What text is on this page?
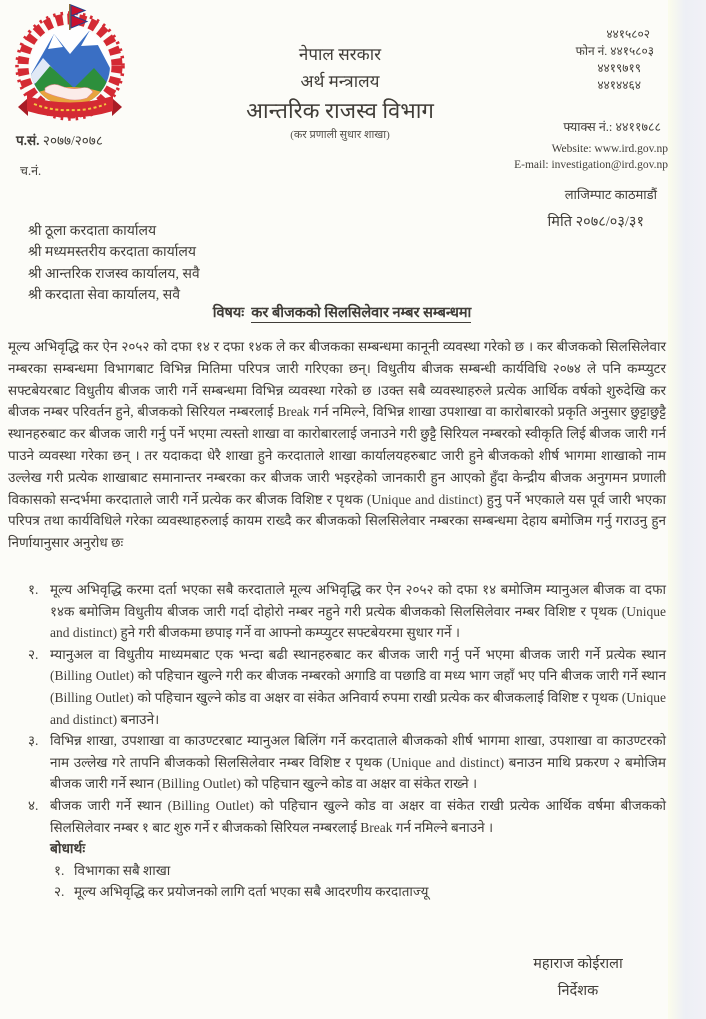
नेपाल सरकार
अर्थ मन्त्रालय
आन्तरिक राजस्व विभाग
(कर प्रणाली सुधार शाखा)
४४१५८०२
फोन नं. ४४१५८०३
४४१९७१९
४४१४४६४
फ्याक्स नं.: ४४११७८८
Website: www.ird.gov.np
E-mail: investigation@ird.gov.np
लाजिम्पाट काठमाडौं
मिति २०७८/०३/३१
प.सं. २०७७/२०७८
च.नं.
श्री ठूला करदाता कार्यालय
श्री मध्यमस्तरीय करदाता कार्यालय
श्री आन्तरिक राजस्व कार्यालय, सवै
श्री करदाता सेवा कार्यालय, सवै
विषयः कर बीजकको सिलसिलेवार नम्बर सम्बन्धमा
मूल्य अभिवृद्धि कर ऐन २०५२ को दफा १४ र दफा १४क ले कर बीजकका सम्बन्धमा कानूनी व्यवस्था गरेको छ । कर बीजकको सिलसिलेवार नम्बरका सम्बन्धमा विभागबाट विभिन्न मितिमा परिपत्र जारी गरिएका छन्। विधुतीय बीजक सम्बन्धी कार्यविधि २०७४ ले पनि कम्प्युटर सफ्टबेयरबाट विधुतीय बीजक जारी गर्ने सम्बन्धमा विभिन्न व्यवस्था गरेको छ ।उक्त सबै व्यवस्थाहरुले प्रत्येक आर्थिक वर्षको शुरुदेखि कर बीजक नम्बर परिवर्तन हुने, बीजकको सिरियल नम्बरलाई Break गर्न नमिल्ने, विभिन्न शाखा उपशाखा वा कारोबारको प्रकृति अनुसार छुट्टाछुट्टै स्थानहरुबाट कर बीजक जारी गर्नु पर्ने भएमा त्यस्तो शाखा वा कारोबारलाई जनाउने गरी छुट्टै सिरियल नम्बरको स्वीकृति लिई बीजक जारी गर्न पाउने व्यवस्था गरेका छन् । तर यदाकदा धेरै शाखा हुने करदाताले शाखा कार्यालयहरुबाट जारी हुने बीजकको शीर्ष भागमा शाखाको नाम उल्लेख गरी प्रत्येक शाखाबाट समानान्तर नम्बरका कर बीजक जारी भइरहेको जानकारी हुन आएको हुँदा केन्द्रीय बीजक अनुगमन प्रणाली विकासको सन्दर्भमा करदाताले जारी गर्ने प्रत्येक कर बीजक विशिष्ट र पृथक (Unique and distinct) हुनु पर्ने भएकाले यस पूर्व जारी भएका परिपत्र तथा कार्यविधिले गरेका व्यवस्थाहरुलाई कायम राख्दै कर बीजकको सिलसिलेवार नम्बरका सम्बन्धमा देहाय बमोजिम गर्नु गराउनु हुन निर्णायानुसार अनुरोध छः
१. मूल्य अभिवृद्धि करमा दर्ता भएका सबै करदाताले मूल्य अभिवृद्धि कर ऐन २०५२ को दफा १४ बमोजिम म्यानुअल बीजक वा दफा १४क बमोजिम विधुतीय बीजक जारी गर्दा दोहोरो नम्बर नहुने गरी प्रत्येक बीजकको सिलसिलेवार नम्बर विशिष्ट र पृथक (Unique and distinct) हुने गरी बीजकमा छपाइ गर्ने वा आफ्नो कम्प्युटर सफ्टबेयरमा सुधार गर्ने ।
२. म्यानुअल वा विधुतीय माध्यमबाट एक भन्दा बढी स्थानहरुबाट कर बीजक जारी गर्नु पर्ने भएमा बीजक जारी गर्ने प्रत्येक स्थान (Billing Outlet) को पहिचान खुल्ने गरी कर बीजक नम्बरको अगाडि वा पछाडि वा मध्य भाग जहाँ भए पनि बीजक जारी गर्ने स्थान (Billing Outlet) को पहिचान खुल्ने कोड वा अक्षर वा संकेत अनिवार्य रुपमा राखी प्रत्येक कर बीजकलाई विशिष्ट र पृथक (Unique and distinct) बनाउने।
३. विभिन्न शाखा, उपशाखा वा काउण्टरबाट म्यानुअल बिलिंग गर्ने करदाताले बीजकको शीर्ष भागमा शाखा, उपशाखा वा काउण्टरको नाम उल्लेख गरे तापनि बीजकको सिलसिलेवार नम्बर विशिष्ट र पृथक (Unique and distinct) बनाउन माथि प्रकरण २ बमोजिम बीजक जारी गर्ने स्थान (Billing Outlet) को पहिचान खुल्ने कोड वा अक्षर वा संकेत राख्ने ।
४. बीजक जारी गर्ने स्थान (Billing Outlet) को पहिचान खुल्ने कोड वा अक्षर वा संकेत राखी प्रत्येक आर्थिक वर्षमा बीजकको सिलसिलेवार नम्बर १ बाट शुरु गर्ने र बीजकको सिरियल नम्बरलाई Break गर्न नमिल्ने बनाउने ।
बोधार्थः
१. विभागका सबै शाखा
२. मूल्य अभिवृद्धि कर प्रयोजनको लागि दर्ता भएका सबै आदरणीय करदाताज्यू
महाराज कोईराला
निर्देशक
